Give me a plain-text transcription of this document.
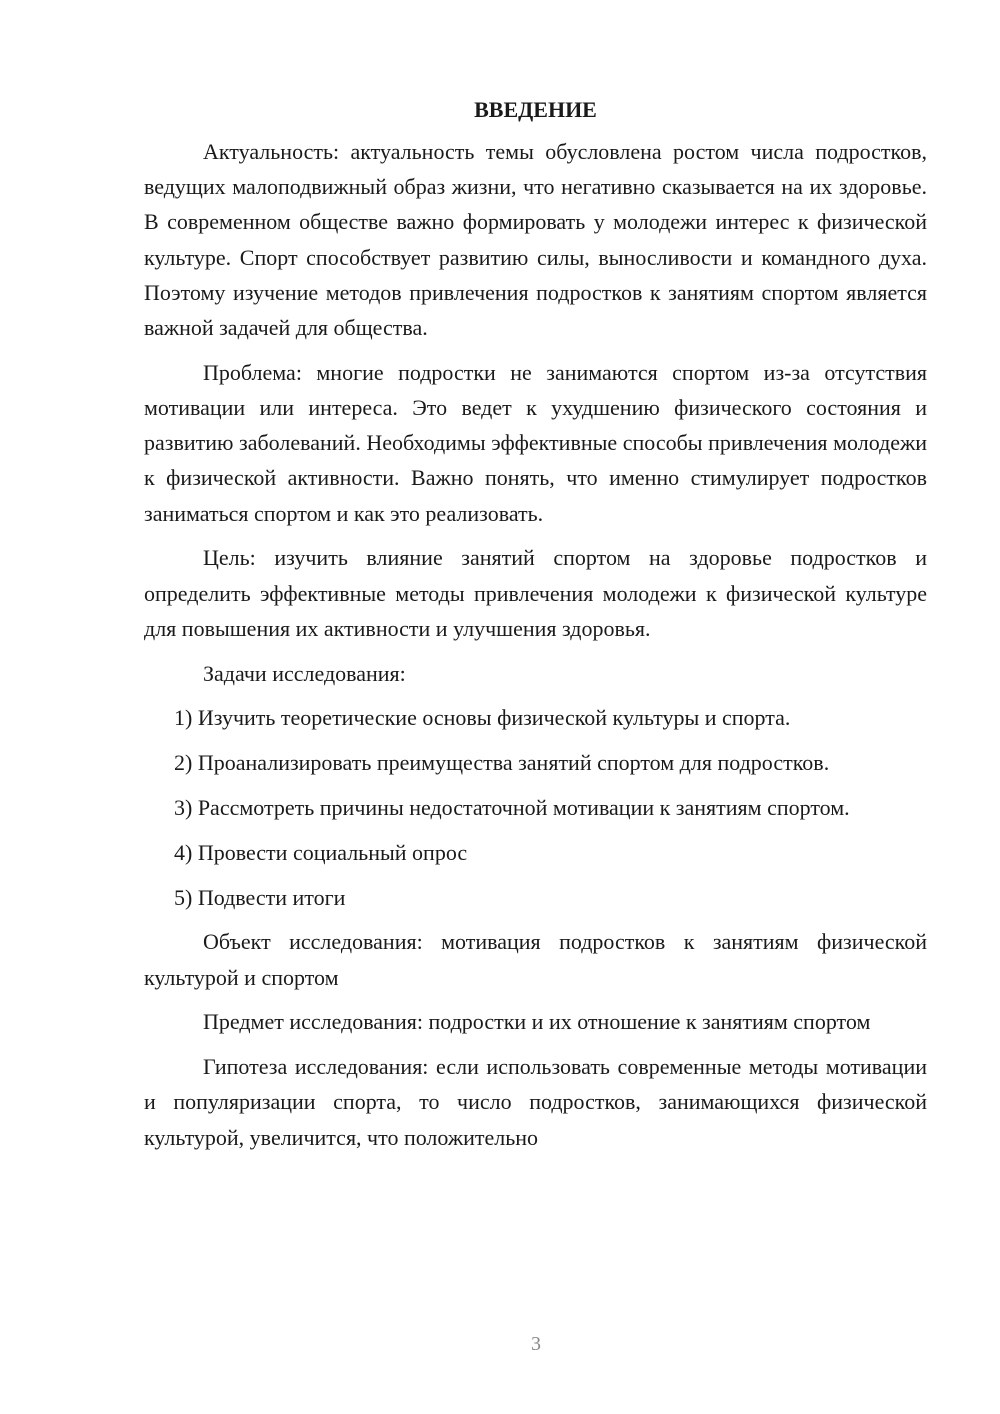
ВВЕДЕНИЕ

Актуальность: актуальность темы обусловлена ростом числа подростков, ведущих малоподвижный образ жизни, что негативно сказывается на их здоровье. В современном обществе важно формировать у молодежи интерес к физической культуре. Спорт способствует развитию силы, выносливости и командного духа. Поэтому изучение методов привлечения подростков к занятиям спортом является важной задачей для общества.

Проблема: многие подростки не занимаются спортом из-за отсутствия мотивации или интереса. Это ведет к ухудшению физического состояния и развитию заболеваний. Необходимы эффективные способы привлечения молодежи к физической активности. Важно понять, что именно стимулирует подростков заниматься спортом и как это реализовать.

Цель: изучить влияние занятий спортом на здоровье подростков и определить эффективные методы привлечения молодежи к физической культуре для повышения их активности и улучшения здоровья.

Задачи исследования:

1) Изучить теоретические основы физической культуры и спорта.

2) Проанализировать преимущества занятий спортом для подростков.

3) Рассмотреть причины недостаточной мотивации к занятиям спортом.

4) Провести социальный опрос

5) Подвести итоги

Объект исследования: мотивация подростков к занятиям физической культурой и спортом

Предмет исследования: подростки и их отношение к занятиям спортом

Гипотеза исследования: если использовать современные методы мотивации и популяризации спорта, то число подростков, занимающихся физической культурой, увеличится, что положительно

3
